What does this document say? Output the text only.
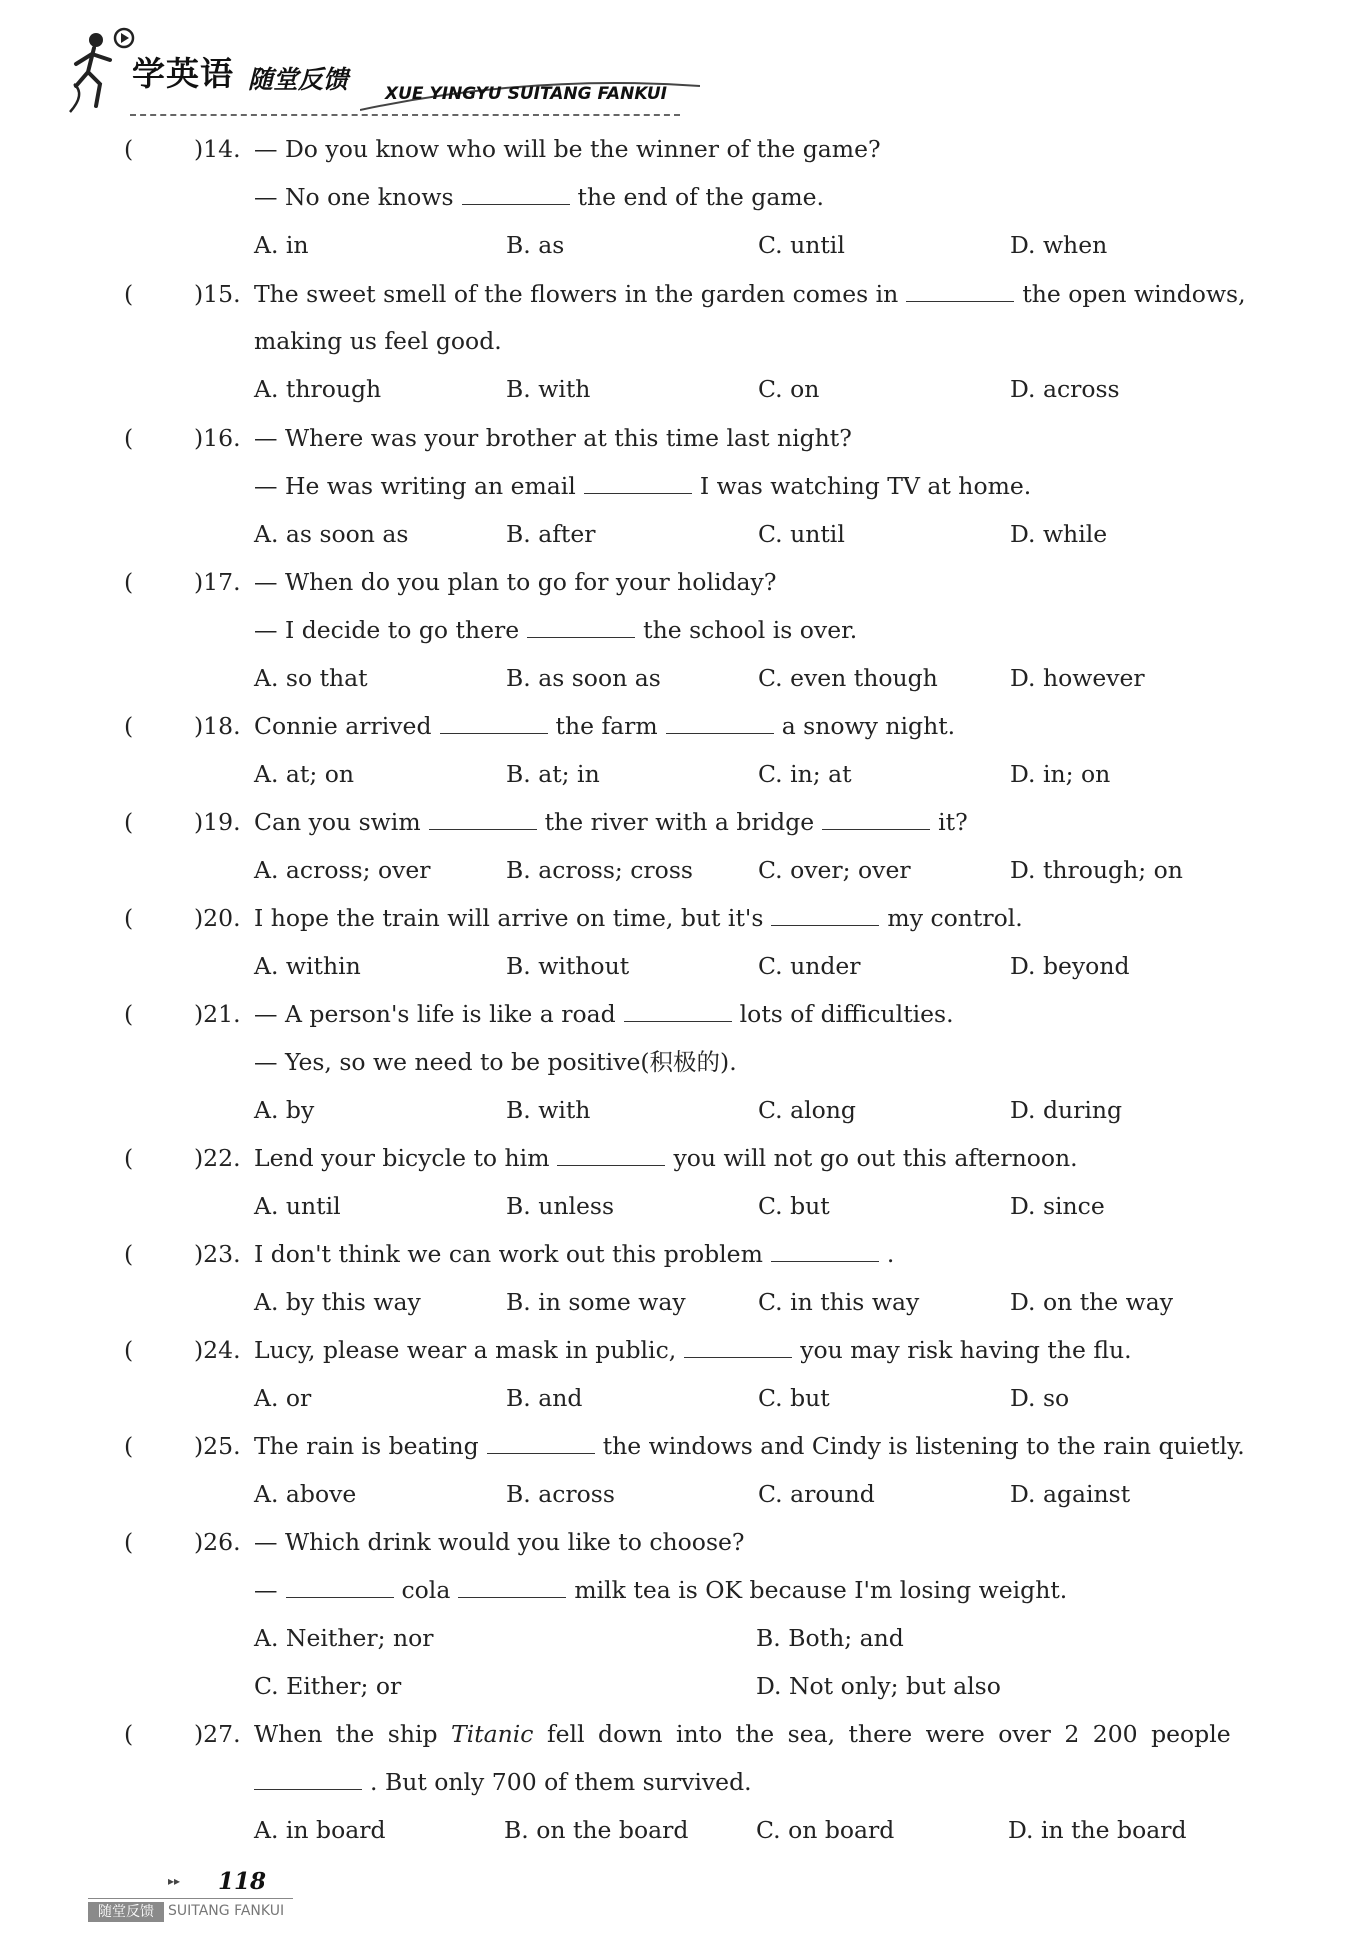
学英语 随堂反馈 XUE YINGYU SUITANG FANKUI
(	)14. — Do you know who will be the winner of the game?
— No one knows	the end of the game.
A. in	B. as	C. until	D. when
(	)15. The sweet smell of the flowers in the garden comes in	the open windows,
making us feel good.
A. through	B. with	C. on	D. across
(	)16. — Where was your brother at this time last night?
— He was writing an email	I was watching TV at home.
A. as soon as	B. after	C. until	D. while
(	)17. — When do you plan to go for your holiday?
— I decide to go there	the school is over.
A. so that	B. as soon as	C. even though	D. however
(	)18. Connie arrived	the farm	a snowy night.
A. at; on	B. at; in	C. in; at	D. in; on
(	)19. Can you swim	the river with a bridge	it?
A. across; over	B. across; cross	C. over; over	D. through; on
(	)20. I hope the train will arrive on time, but it's	my control.
A. within	B. without	C. under	D. beyond
(	)21. — A person's life is like a road	lots of difficulties.
— Yes, so we need to be positive(积极的).
A. by	B. with	C. along	D. during
(	)22. Lend your bicycle to him	you will not go out this afternoon.
A. until	B. unless	C. but	D. since
(	)23. I don't think we can work out this problem	.
A. by this way	B. in some way	C. in this way	D. on the way
(	)24. Lucy, please wear a mask in public,	you may risk having the flu.
A. or	B. and	C. but	D. so
(	)25. The rain is beating	the windows and Cindy is listening to the rain quietly.
A. above	B. across	C. around	D. against
(	)26. — Which drink would you like to choose?
—	cola	milk tea is OK because I'm losing weight.
A. Neither; nor	B. Both; and
C. Either; or	D. Not only; but also
(	)27. When the ship Titanic fell down into the sea, there were over 2 200 people
. But only 700 of them survived.
A. in board	B. on the board	C. on board	D. in the board
▸▸ 118
随堂反馈	SUITANG FANKUI
